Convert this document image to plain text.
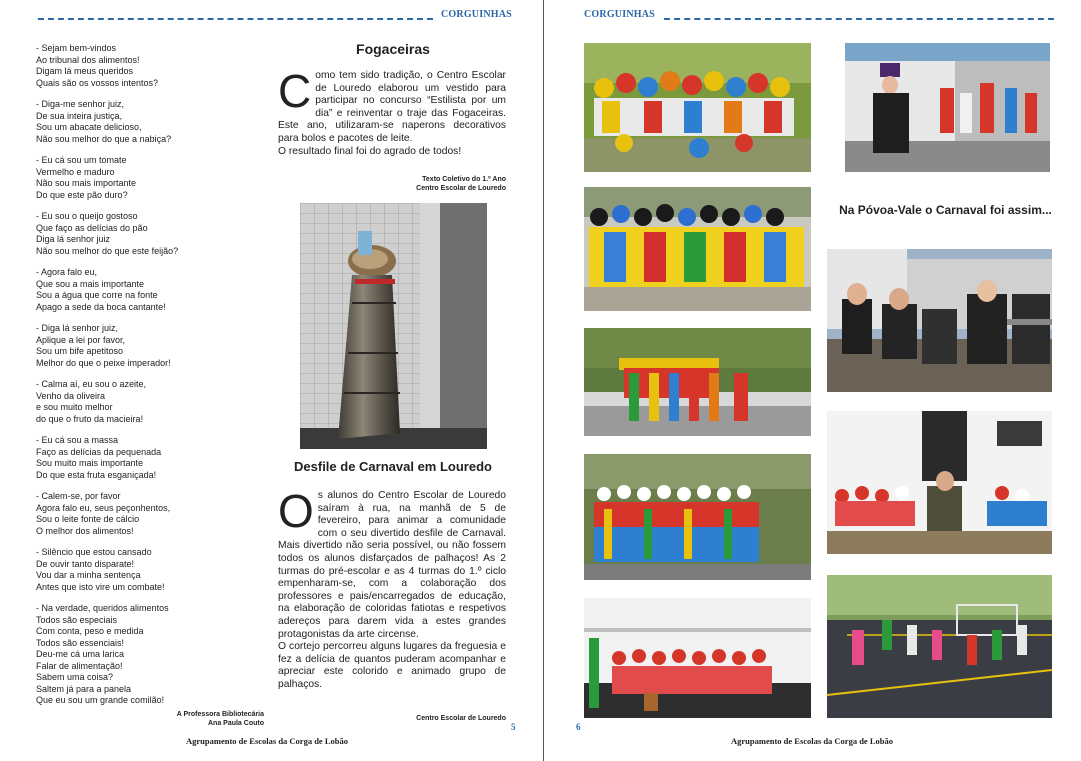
CORGUINHAS
- Sejam bem-vindos
Ao tribunal dos alimentos!
Digam lá meus queridos
Quais são os vossos intentos?
- Diga-me senhor juiz,
De sua inteira justiça,
Sou um abacate delicioso,
Não sou melhor do que a nabiça?
- Eu cá sou um tomate
Vermelho e maduro
Não sou mais importante
Do que este pão duro?
- Eu sou o queijo gostoso
Que faço as delícias do pão
Diga lá senhor juiz
Não sou melhor do que este feijão?
- Agora falo eu,
Que sou a mais importante
Sou a água que corre na fonte
Apago a sede da boca cantante!
- Diga lá senhor juiz,
Aplique a lei por favor,
Sou um bife apetitoso
Melhor do que o peixe imperador!
- Calma aí, eu sou o azeite,
Venho da oliveira
e sou muito melhor
do que o fruto da macieira!
- Eu cá sou a massa
Faço as delícias da pequenada
Sou muito mais importante
Do que esta fruta esganiçada!
- Calem-se, por favor
Agora falo eu, seus peçonhentos,
Sou o leite fonte de cálcio
O melhor dos alimentos!
- Silêncio que estou cansado
De ouvir tanto disparate!
Vou dar a minha sentença
Antes que isto vire um combate!
- Na verdade, queridos alimentos
Todos são especiais
Com conta, peso e medida
Todos são essenciais!
Deu-me cá uma larica
Falar de alimentação!
Sabem uma coisa?
Saltem já para a panela
Que eu sou um grande comilão!
A Professora Bibliotecária
Ana Paula Couto
Fogaceiras
Como tem sido tradição, o Centro Escolar de Louredo elaborou um vestido para participar no concurso “Estilista por um dia” e reinventar o traje das Fogaceiras. Este ano, utilizaram-se naperons decorativos para bolos e pacotes de leite.
O resultado final foi do agrado de todos!
Texto Coletivo do 1.º Ano
Centro Escolar de Louredo
Desfile de Carnaval em Louredo
Os alunos do Centro Escolar de Louredo saíram à rua, na manhã de 5 de fevereiro, para animar a comunidade com o seu divertido desfile de Carnaval. Mais divertido não seria possível, ou não fossem todos os alunos disfarçados de palhaços! As 2 turmas do pré-escolar e as 4 turmas do 1.º ciclo empenharam-se, com a colaboração dos professores e pais/encarregados de educação, na elaboração de coloridas fatiotas e respetivos adereços para darem vida a estes grandes protagonistas da arte circense.
O cortejo percorreu alguns lugares da freguesia e fez a delícia de quantos puderam acompanhar e apreciar este colorido e animado grupo de palhaços.
Centro Escolar de Louredo
5
Agrupamento de Escolas da Corga de Lobão
CORGUINHAS
Na Póvoa-Vale o Carnaval foi assim...
6
Agrupamento de Escolas da Corga de Lobão
